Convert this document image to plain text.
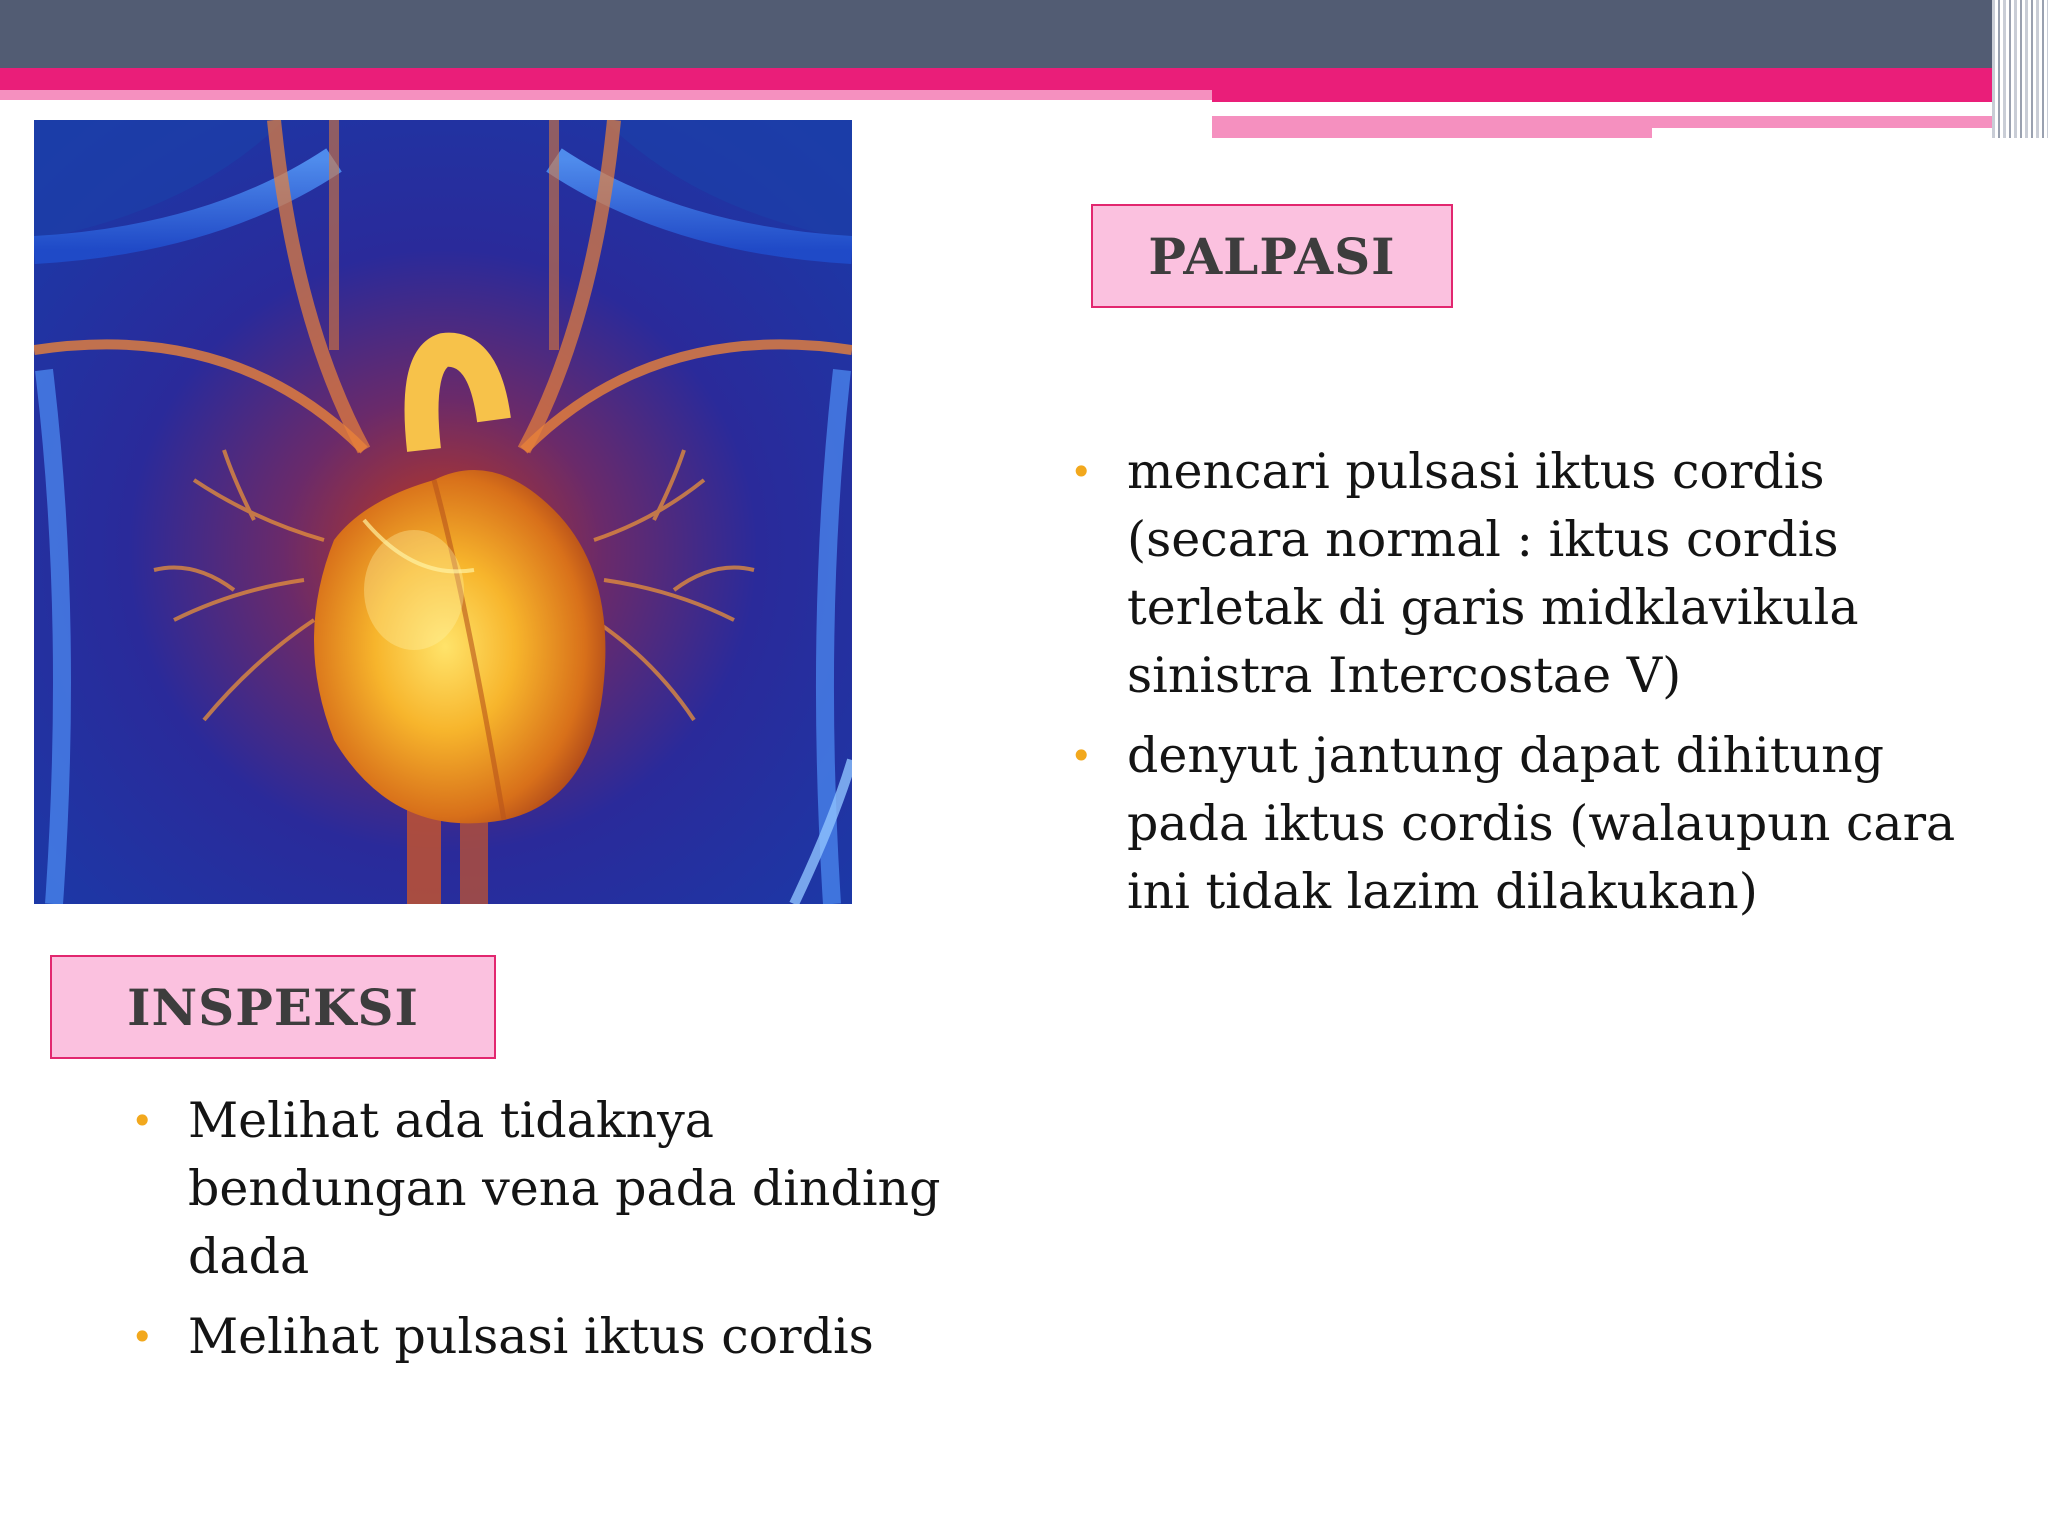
PALPASI
• mencari pulsasi iktus cordis (secara normal : iktus cordis terletak di garis midklavikula sinistra Intercostae V)
• denyut jantung dapat dihitung pada iktus cordis (walaupun cara ini tidak lazim dilakukan)
INSPEKSI
• Melihat ada tidaknya bendungan vena pada dinding dada
• Melihat pulsasi iktus cordis
